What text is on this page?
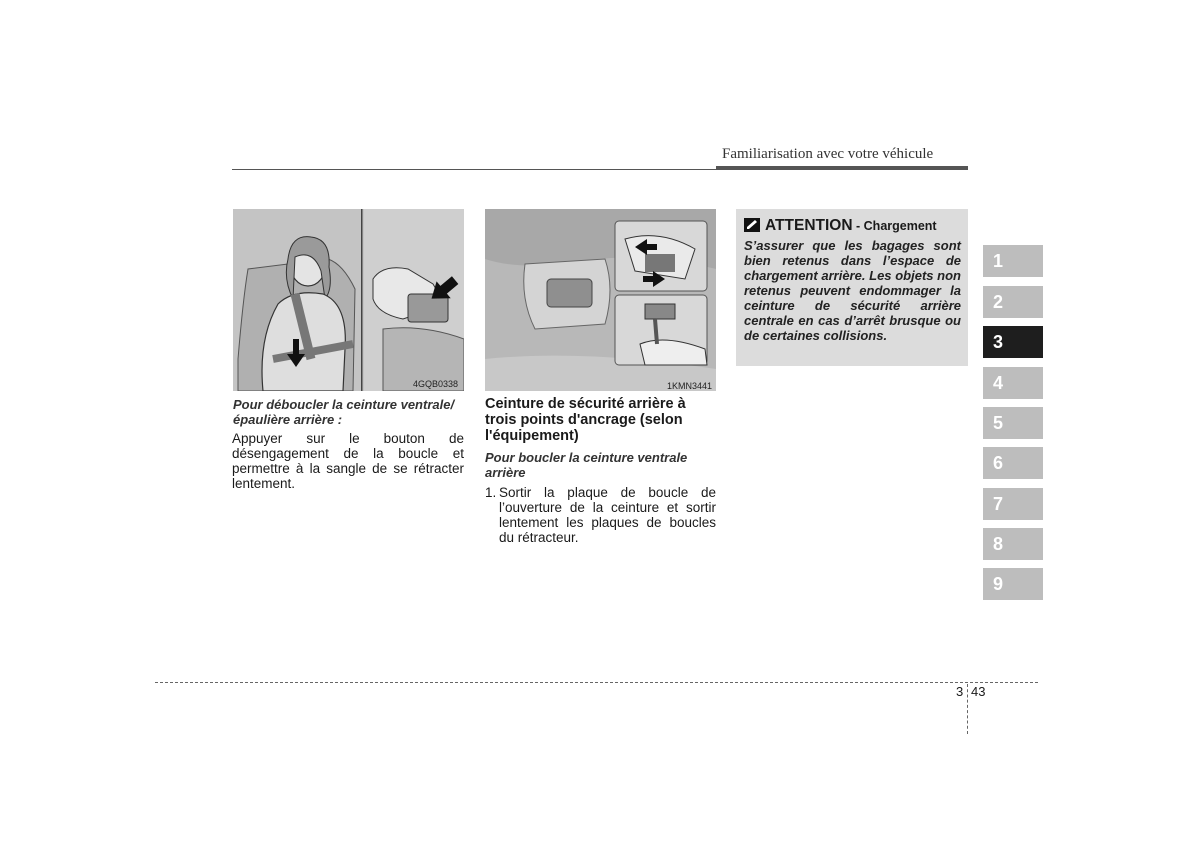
Familiarisation avec votre véhicule
4GQB0338	1KMN3441
Pour déboucler la ceinture ventrale/ épaulière arrière :
Appuyer sur le bouton de désengagement de la boucle et permettre à la sangle de se rétracter lentement.
Ceinture de sécurité arrière à trois points d'ancrage (selon l'équipement)
Pour boucler la ceinture ventrale arrière
1. Sortir la plaque de boucle de l’ouverture de la ceinture et sortir lentement les plaques de boucles du rétracteur.
ATTENTION - Chargement
S’assurer que les bagages sont bien retenus dans l’espace de chargement arrière. Les objets non retenus peuvent endommager la ceinture de sécurité arrière centrale en cas d’arrêt brusque ou de certaines collisions.
1
2
3
4
5
6
7
8
9
3 43
